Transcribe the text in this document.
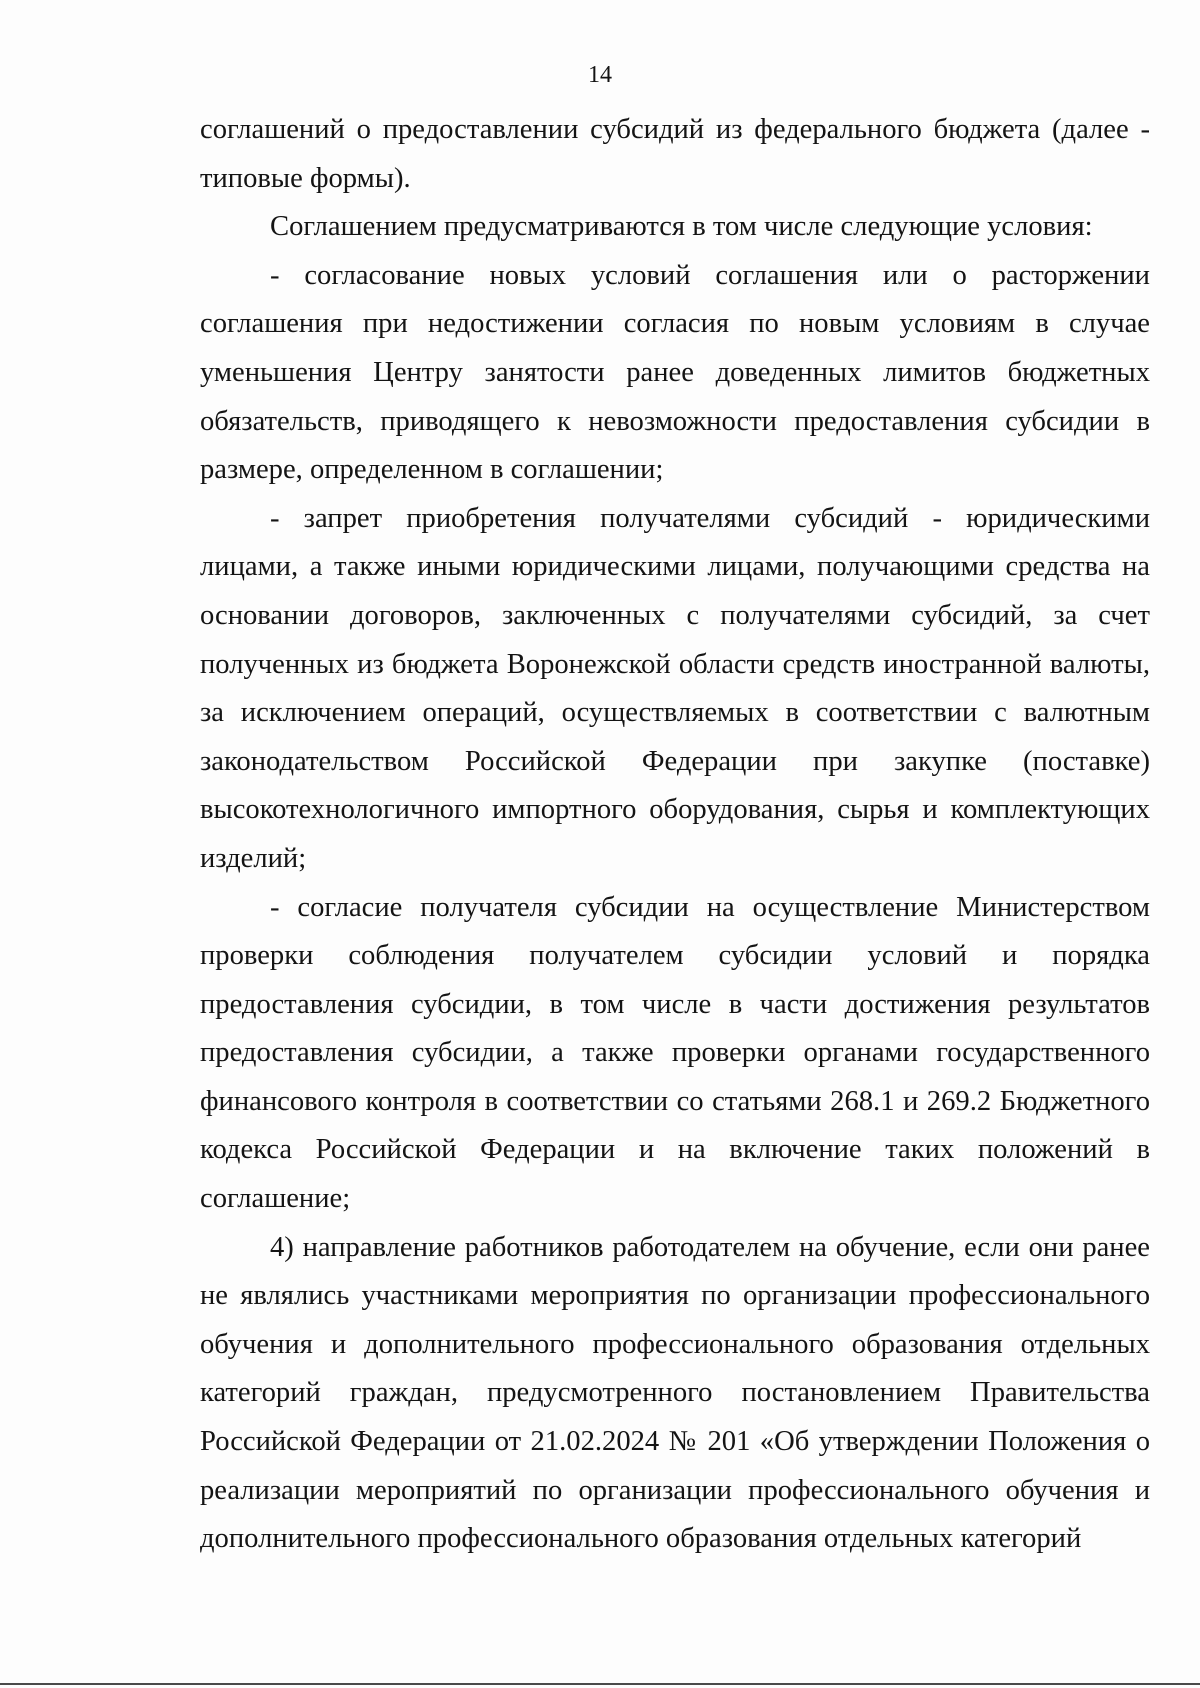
14

соглашений о предоставлении субсидий из федерального бюджета (далее - типовые формы).

Соглашением предусматриваются в том числе следующие условия:

- согласование новых условий соглашения или о расторжении соглашения при недостижении согласия по новым условиям в случае уменьшения Центру занятости ранее доведенных лимитов бюджетных обязательств, приводящего к невозможности предоставления субсидии в размере, определенном в соглашении;

- запрет приобретения получателями субсидий - юридическими лицами, а также иными юридическими лицами, получающими средства на основании договоров, заключенных с получателями субсидий, за счет полученных из бюджета Воронежской области средств иностранной валюты, за исключением операций, осуществляемых в соответствии с валютным законодательством Российской Федерации при закупке (поставке) высокотехнологичного импортного оборудования, сырья и комплектующих изделий;

- согласие получателя субсидии на осуществление Министерством проверки соблюдения получателем субсидии условий и порядка предоставления субсидии, в том числе в части достижения результатов предоставления субсидии, а также проверки органами государственного финансового контроля в соответствии со статьями 268.1 и 269.2 Бюджетного кодекса Российской Федерации и на включение таких положений в соглашение;

4) направление работников работодателем на обучение, если они ранее не являлись участниками мероприятия по организации профессионального обучения и дополнительного профессионального образования отдельных категорий граждан, предусмотренного постановлением Правительства Российской Федерации от 21.02.2024 № 201 «Об утверждении Положения о реализации мероприятий по организации профессионального обучения и дополнительного профессионального образования отдельных категорий
